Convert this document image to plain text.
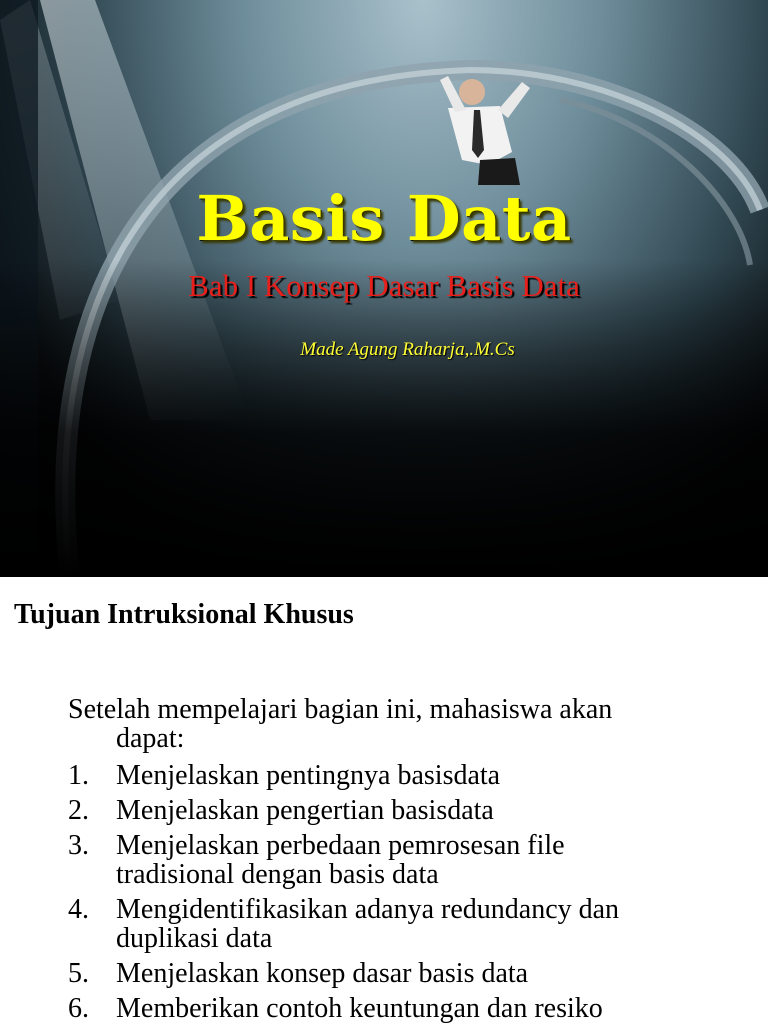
Basis Data
Bab I Konsep Dasar Basis Data
Made Agung Raharja,.M.Cs
Tujuan Intruksional Khusus
Setelah mempelajari bagian ini, mahasiswa akan
dapat:
1. Menjelaskan pentingnya basisdata
2. Menjelaskan pengertian basisdata
3. Menjelaskan perbedaan pemrosesan file tradisional dengan basis data
4. Mengidentifikasikan adanya redundancy dan duplikasi data
5. Menjelaskan konsep dasar basis data
6. Memberikan contoh keuntungan dan resiko
